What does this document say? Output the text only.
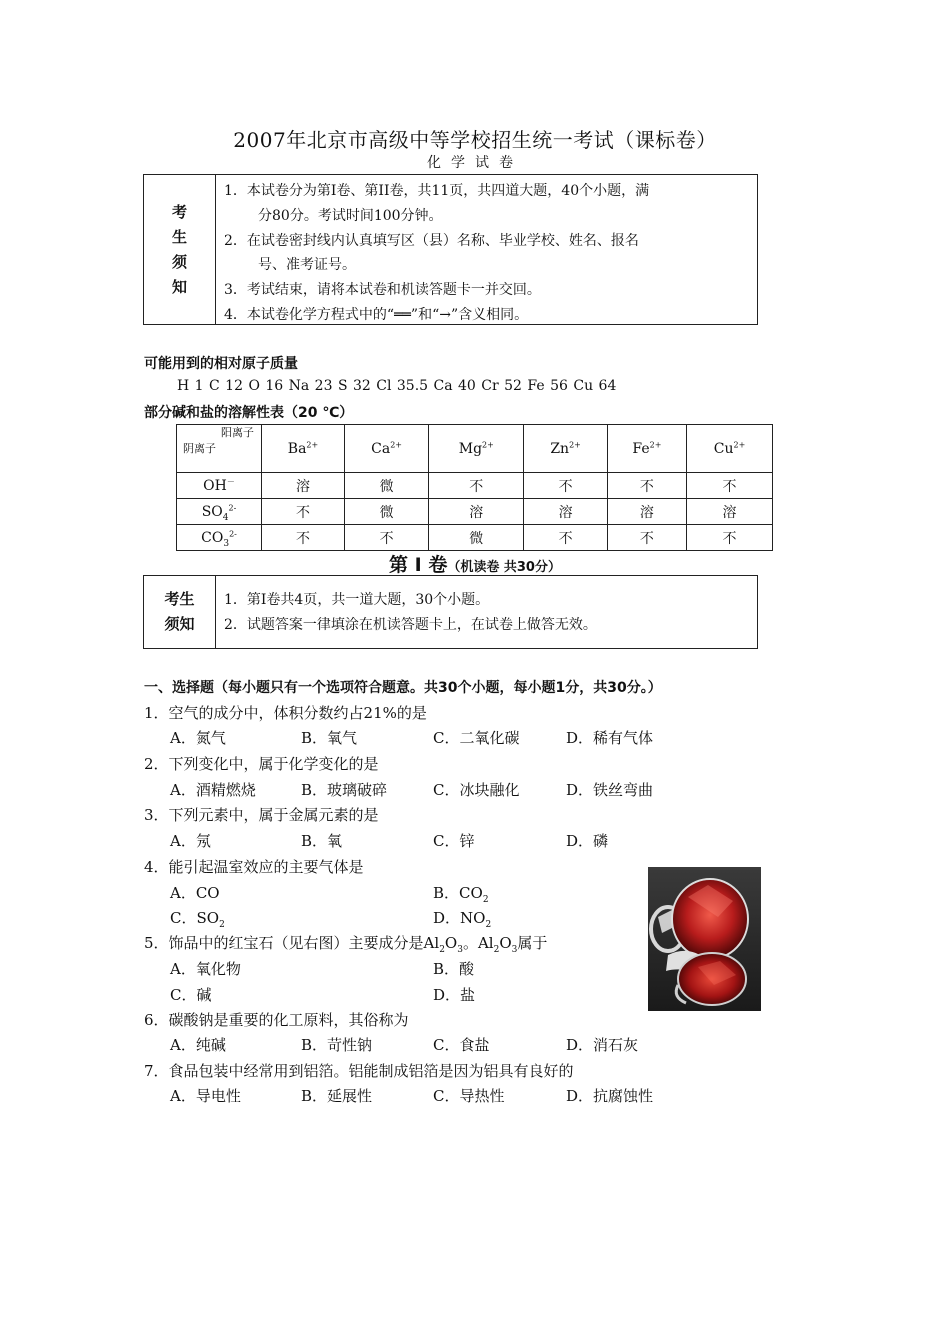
2007年北京市高级中等学校招生统一考试（课标卷）
化学试卷
考
生
须
知

1．本试卷分为第I卷、第II卷，共11页，共四道大题，40个小题，满

分80分。考试时间100分钟。

2．在试卷密封线内认真填写区（县）名称、毕业学校、姓名、报名

号、准考证号。

3．考试结束，请将本试卷和机读答题卡一并交回。

4．本试卷化学方程式中的“══”和“→”含义相同。

可能用到的相对原子质量
H 1 C 12 O 16 Na 23 S 32 Cl 35.5 Ca 40 Cr 52 Fe 56 Cu 64
部分碱和盐的溶解性表（20 ℃）
阳离子
阴离子	$Ba^{2+}$	$Ca^{2+}$	$Mg^{2+}$	$Zn^{2+}$	$Fe^{2+}$	$Cu^{2+}$
OH－	溶	微	不	不	不	不
$SO_4^{2-}$	不	微	溶	溶	溶	溶
$CO_3^{2-}$	不	不	微	不	不	不
第 I 卷（机读卷 共30分）
考生
须知

1．第I卷共4页，共一道大题，30个小题。

2．试题答案一律填涂在机读答题卡上，在试卷上做答无效。

一、选择题（每小题只有一个选项符合题意。共30个小题，每小题1分，共30分。）
1．空气的成分中，体积分数约占21%的是
A．氮气	B．氧气	C．二氧化碳	D．稀有气体
2．下列变化中，属于化学变化的是
A．酒精燃烧	B．玻璃破碎	C．冰块融化	D．铁丝弯曲
3．下列元素中，属于金属元素的是
A．氖	B．氧	C．锌	D．磷
4．能引起温室效应的主要气体是
A．CO	B．$CO_2$
C．$SO_2$	D．$NO_2$
5．饰品中的红宝石（见右图）主要成分是$Al_2O_3$。$Al_2O_3$属于
A．氧化物	B．酸
C．碱	D．盐
6．碳酸钠是重要的化工原料，其俗称为
A．纯碱	B．苛性钠	C．食盐	D．消石灰
7．食品包装中经常用到铝箔。铝能制成铝箔是因为铝具有良好的
A．导电性	B．延展性	C．导热性	D．抗腐蚀性
